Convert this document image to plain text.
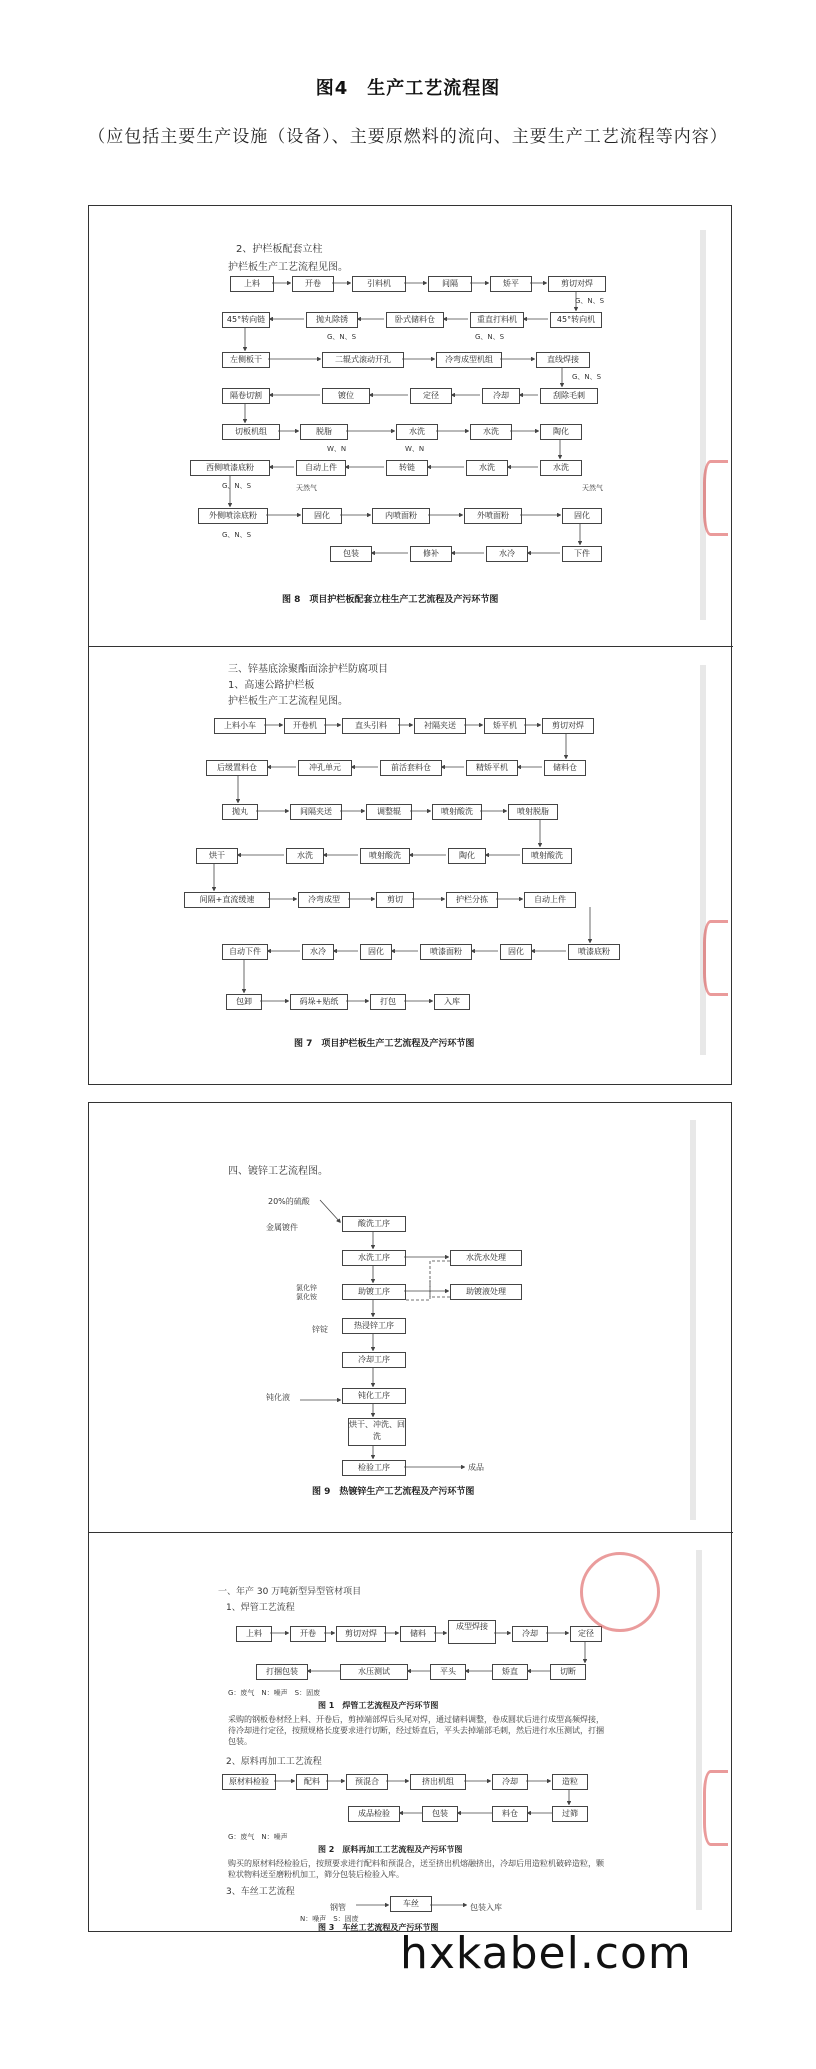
图4　生产工艺流程图
（应包括主要生产设施（设备）、主要原燃料的流向、主要生产工艺流程等内容）
2、护栏板配套立柱
护栏板生产工艺流程见图。
上料	开卷	引料机	间隔	矫平	剪切对焊
45°转向链	抛丸除锈	卧式储料仓	重直打料机	45°转向机
G、N、S	G、N、S
G、N、S
左侧板干	二辊式滚动开孔	冷弯成型机组	直线焊接
G、N、S
隔卷切割	镀位	定径	冷却	刮除毛刺
切板机组	脱脂	水洗	水洗	陶化
W、N	W、N
西侧喷漆底粉	自动上件	转链	水洗	水洗
天然气	天然气
G、N、S
外侧喷涂底粉	固化	内喷面粉	外喷面粉	固化
G、N、S
包装	修补	水冷	下件
图 8　项目护栏板配套立柱生产工艺流程及产污环节图
三、锌基底涂聚酯面涂护栏防腐项目
1、高速公路护栏板
护栏板生产工艺流程见图。
上料小车	开卷机	直头引料	衬隔夹送	矫平机	剪切对焊
后缓置料仓	冲孔单元	前活套料仓	精矫平机	储料仓
抛丸	间隔夹送	调整辊	喷射酸洗	喷射脱脂
烘干	水洗	喷射酸洗	陶化	喷射酸洗
间隔+直流缓速	冷弯成型	剪切	护栏分拣	自动上件
自动下件	水冷	固化	喷漆面粉	固化	喷漆底粉
包卸	码垛+贴纸	打包	入库
图 7　项目护栏板生产工艺流程及产污环节图
四、镀锌工艺流程图。
20%的硫酸
金属镀件
氯化锌 氯化铵
锌锭
钝化液
酸洗工序
水洗工序	水洗水处理
助镀工序	助镀液处理
热浸锌工序
冷却工序
钝化工序
烘干、冲洗、回洗
检验工序	成品
图 9　热镀锌生产工艺流程及产污环节图
一、年产 30 万吨新型异型管材项目
1、焊管工艺流程
上料	开卷	剪切对焊	储料
成型焊接
冷却	定径
打捆包装	水压测试	平头	矫直	切断
G：废气　N：噪声　S：固废
图 1　焊管工艺流程及产污环节图
采购的钢板卷材经上料、开卷后，剪掉端部焊后头尾对焊，通过储料调整，卷成圆状后进行成型高频焊接，待冷却进行定径，按照规格长度要求进行切断，经过矫直后，平头去掉端部毛刺，然后进行水压测试，打捆包装。
2、原料再加工工艺流程
原材料检验	配料	预混合	挤出机组	冷却	造粒
成品检验	包装	料仓	过筛
G：废气　N：噪声
图 2　原料再加工工艺流程及产污环节图
购买的原材料经检验后，按照要求进行配料和预混合，送至挤出机熔融挤出，冷却后用造粒机破碎造粒，颗粒状物料送至磨粉机加工，筛分包装后检验入库。
3、车丝工艺流程
钢管	车丝	包装入库
N：噪声　S：固废
图 3　车丝工艺流程及产污环节图
hxkabel.com
